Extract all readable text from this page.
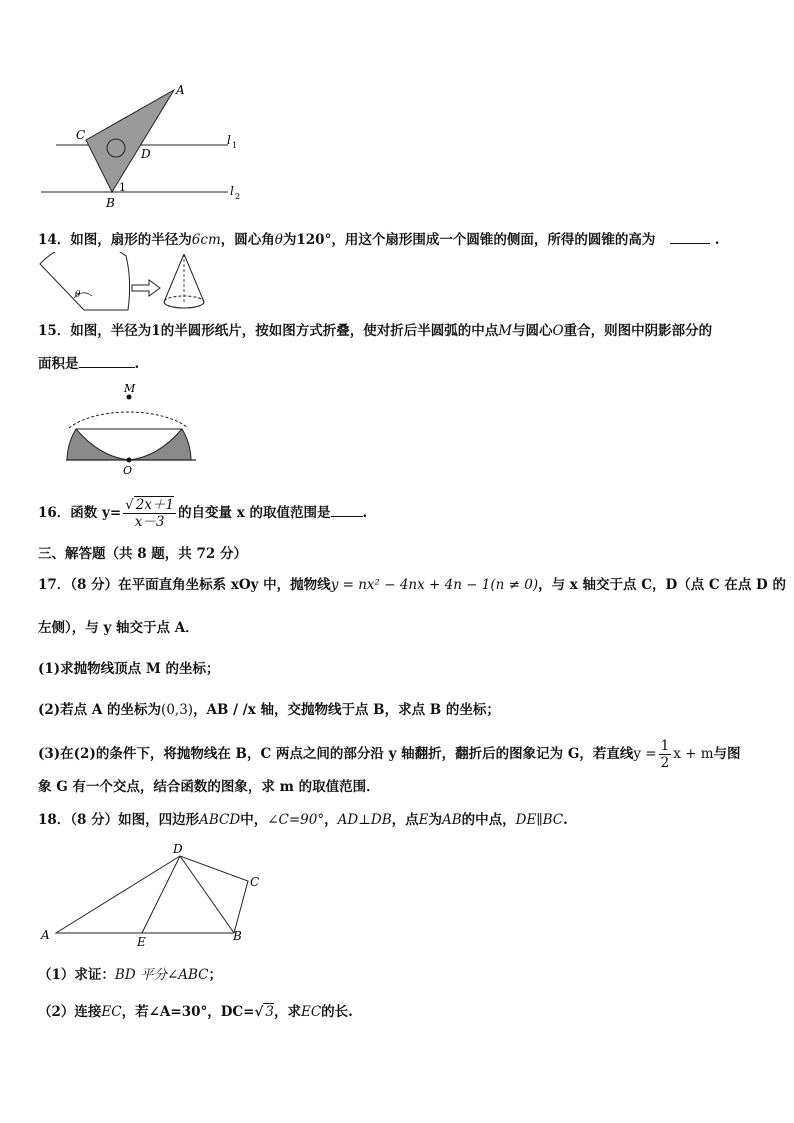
A
C
D
B
1
l 1
l 2
14．如图，扇形的半径为6cm，圆心角θ为120°，用这个扇形围成一个圆锥的侧面，所得的圆锥的高为	.
θ
15．如图，半径为1的半圆形纸片，按如图方式折叠，使对折后半圆弧的中点M与圆心O重合，则图中阴影部分的
面积是	.
M
O
16．函数 $y= \frac{√ 2x+1}{x-3}$ 的自变量 x 的取值范围是 .
三、解答题（共 8 题，共 72 分）
17．（8 分）在平面直角坐标系 xOy 中，抛物线y = nx² − 4nx + 4n − 1(n ≠ 0)，与 x 轴交于点 C，D（点 C 在点 D 的
左侧），与 y 轴交于点 A．
(1)求抛物线顶点 M 的坐标；
(2)若点 A 的坐标为(0,3)，AB / /x 轴，交抛物线于点 B，求点 B 的坐标；
(3)在(2)的条件下，将抛物线在 B，C 两点之间的部分沿 y 轴翻折，翻折后的图象记为 G，若直线$y = \frac{1}{2}$ x + m与图
象 G 有一个交点，结合函数的图象，求 m 的取值范围．
18．（8 分）如图，四边形ABCD中，∠C=90°，AD⊥DB，点E为AB的中点，DE∥BC.
A	B
C
D
E
（1）求证：BD 平分∠ABC；
（2）连接EC，若∠A=30°，DC=√ 3，求EC的长.
